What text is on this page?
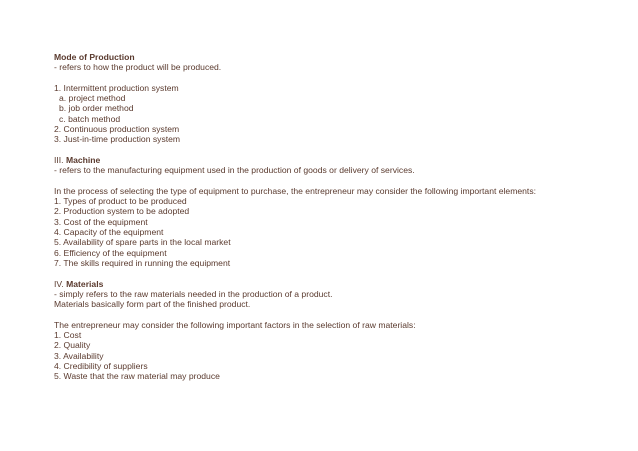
Mode of Production
- refers to how the product will be produced.
1. Intermittent production system
a. project method
b. job order method
c. batch method
2. Continuous production system
3. Just-in-time production system
III. Machine
- refers to the manufacturing equipment used in the production of goods or delivery of services.
In the process of selecting the type of equipment to purchase, the entrepreneur may consider the following important elements:
1. Types of product to be produced
2. Production system to be adopted
3. Cost of the equipment
4. Capacity of the equipment
5. Availability of spare parts in the local market
6. Efficiency of the equipment
7. The skills required in running the equipment
IV. Materials
- simply refers to the raw materials needed in the production of a product.
Materials basically form part of the finished product.
The entrepreneur may consider the following important factors in the selection of raw materials:
1. Cost
2. Quality
3. Availability
4. Credibility of suppliers
5. Waste that the raw material may produce
